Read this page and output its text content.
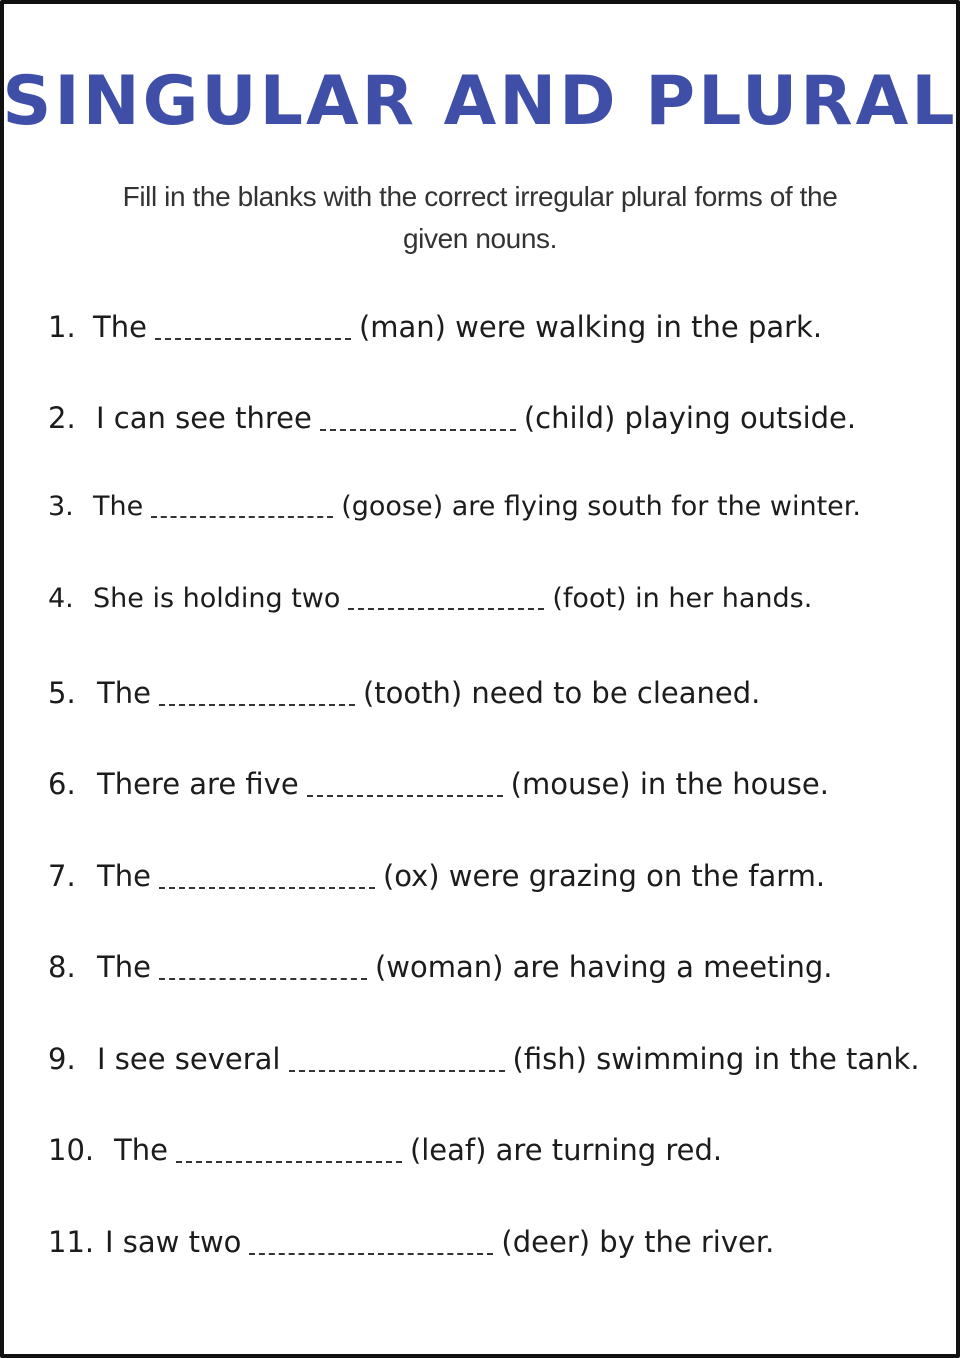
SINGULAR AND PLURAL

Fill in the blanks with the correct irregular plural forms of the given nouns.

1. The	(man) were walking in the park.
2. I can see three	(child) playing outside.
3. The	(goose) are flying south for the winter.
4. She is holding two	(foot) in her hands.
5. The	(tooth) need to be cleaned.
6. There are five	(mouse) in the house.
7. The	(ox) were grazing on the farm.
8. The	(woman) are having a meeting.
9. I see several	(fish) swimming in the tank.
10. The	(leaf) are turning red.
11. I saw two	(deer) by the river.
